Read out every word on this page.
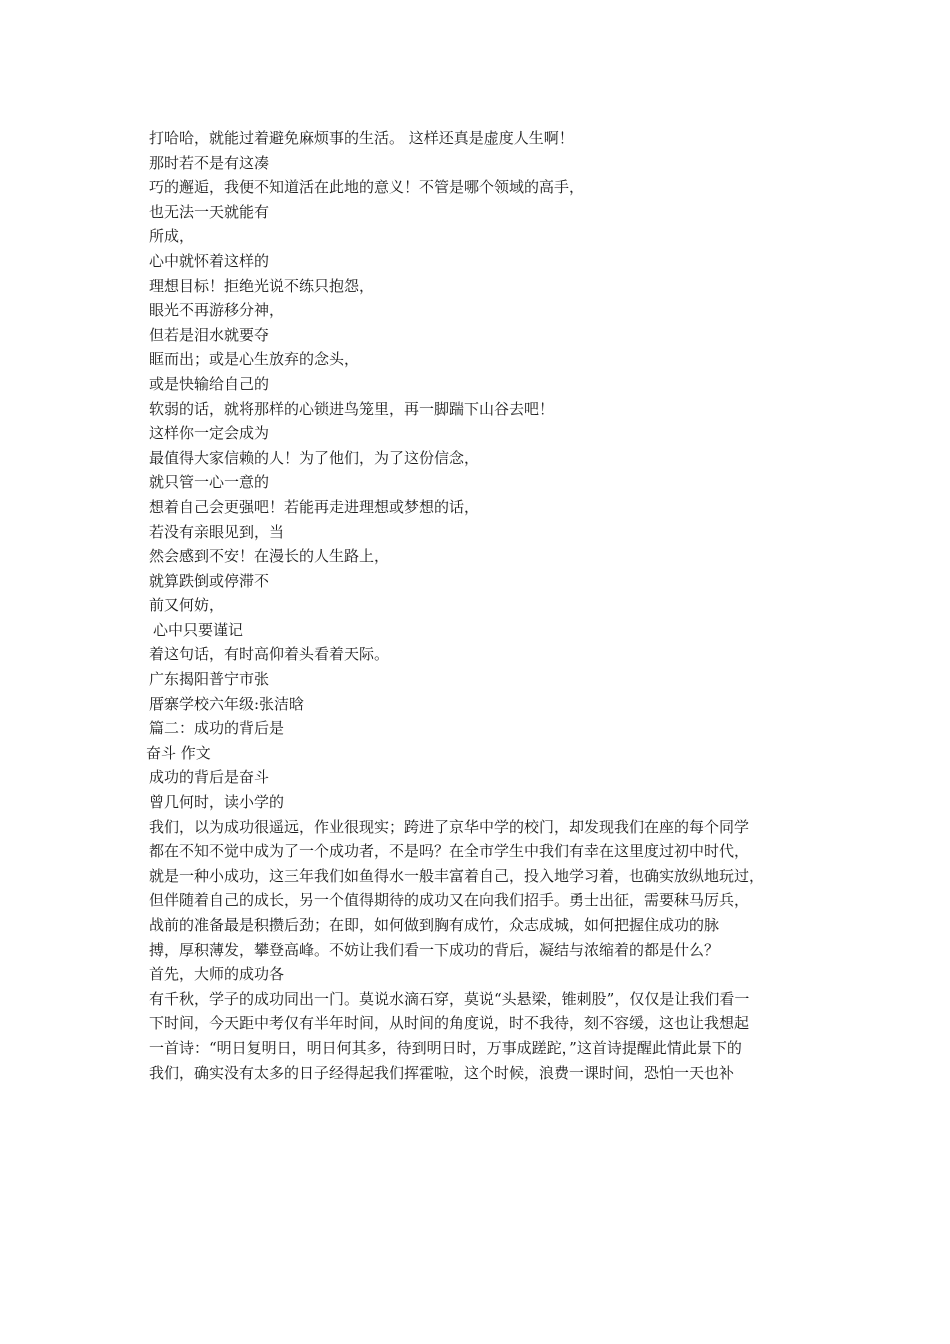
打哈哈，就能过着避免麻烦事的生活。 这样还真是虚度人生啊！
那时若不是有这凑
巧的邂逅，我便不知道活在此地的意义！不管是哪个领域的高手，
也无法一天就能有
所成，
心中就怀着这样的
理想目标！拒绝光说不练只抱怨，
眼光不再游移分神，
但若是泪水就要夺
眶而出；或是心生放弃的念头，
或是快输给自己的
软弱的话，就将那样的心锁进鸟笼里，再一脚踹下山谷去吧！
这样你一定会成为
最值得大家信赖的人！为了他们，为了这份信念，
就只管一心一意的
想着自己会更强吧！若能再走进理想或梦想的话，
若没有亲眼见到，当
然会感到不安！在漫长的人生路上，
就算跌倒或停滞不
前又何妨，
心中只要谨记
着这句话，有时高仰着头看着天际。
广东揭阳普宁市张
厝寨学校六年级:张洁晗
篇二：成功的背后是
奋斗 作文
成功的背后是奋斗
曾几何时，读小学的
我们，以为成功很遥远，作业很现实；跨进了京华中学的校门，却发现我们在座的每个同学
都在不知不觉中成为了一个成功者，不是吗？在全市学生中我们有幸在这里度过初中时代，
就是一种小成功，这三年我们如鱼得水一般丰富着自己，投入地学习着，也确实放纵地玩过，
但伴随着自己的成长，另一个值得期待的成功又在向我们招手。勇士出征，需要秣马厉兵，
战前的准备最是积攒后劲；在即，如何做到胸有成竹，众志成城，如何把握住成功的脉
搏，厚积薄发，攀登高峰。不妨让我们看一下成功的背后，凝结与浓缩着的都是什么？
首先，大师的成功各
有千秋，学子的成功同出一门。莫说水滴石穿，莫说“头悬梁，锥刺股”，仅仅是让我们看一
下时间，今天距中考仅有半年时间，从时间的角度说，时不我待，刻不容缓，这也让我想起
一首诗：“明日复明日，明日何其多，待到明日时，万事成蹉跎，”这首诗提醒此情此景下的
我们，确实没有太多的日子经得起我们挥霍啦，这个时候，浪费一课时间，恐怕一天也补
